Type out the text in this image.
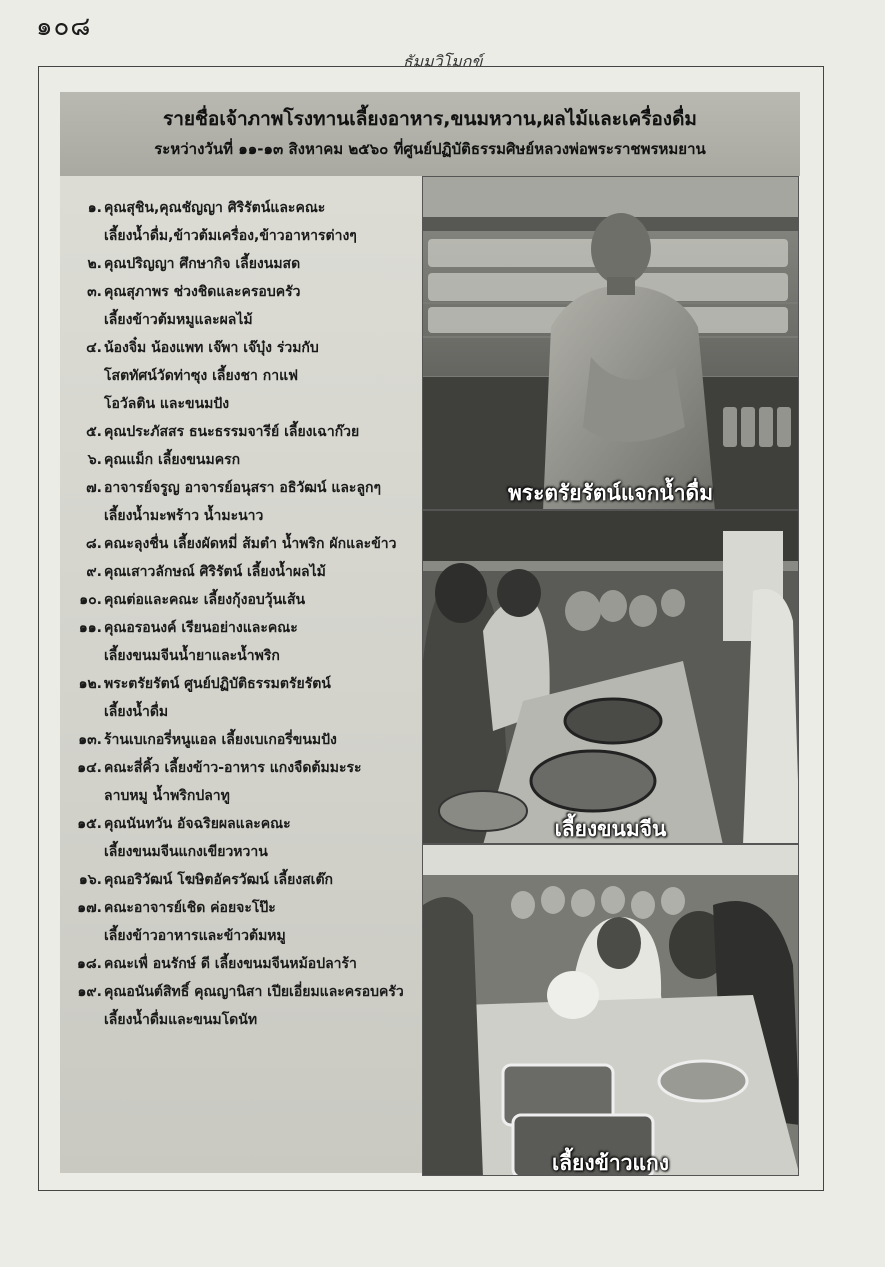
๑๐๘
ธัมมวิโมกข์
รายชื่อเจ้าภาพโรงทานเลี้ยงอาหาร,ขนมหวาน,ผลไม้และเครื่องดื่ม
ระหว่างวันที่ ๑๑-๑๓ สิงหาคม ๒๕๖๐ ที่ศูนย์ปฏิบัติธรรมศิษย์หลวงพ่อพระราชพรหมยาน
๑. คุณสุชิน,คุณชัญญา ศิริรัตน์และคณะ
เลี้ยงน้ำดื่ม,ข้าวต้มเครื่อง,ข้าวอาหารต่างๆ
๒. คุณปริญญา ศึกษากิจ เลี้ยงนมสด
๓. คุณสุภาพร ช่วงชิดและครอบครัว
เลี้ยงข้าวต้มหมูและผลไม้
๔. น้องจิ๋ม น้องแพท เจ๊พา เจ๊บุ๋ง ร่วมกับ
โสตทัศน์วัดท่าซุง เลี้ยงชา กาแฟ
โอวัลติน และขนมปัง
๕. คุณประภัสสร ธนะธรรมจารีย์ เลี้ยงเฉาก๊วย
๖. คุณแม็ก เลี้ยงขนมครก
๗. อาจารย์จรูญ อาจารย์อนุสรา อธิวัฒน์ และลูกๆ
เลี้ยงน้ำมะพร้าว น้ำมะนาว
๘. คณะลุงชื่น เลี้ยงผัดหมี่ ส้มตำ น้ำพริก ผักและข้าว
๙. คุณเสาวลักษณ์ ศิริรัตน์ เลี้ยงน้ำผลไม้
๑๐. คุณต่อและคณะ เลี้ยงกุ้งอบวุ้นเส้น
๑๑. คุณอรอนงค์ เรียนอย่างและคณะ
เลี้ยงขนมจีนน้ำยาและน้ำพริก
๑๒. พระตรัยรัตน์ ศูนย์ปฏิบัติธรรมตรัยรัตน์
เลี้ยงน้ำดื่ม
๑๓. ร้านเบเกอรี่หนูแอล เลี้ยงเบเกอรี่ขนมปัง
๑๔. คณะสี่คิ้ว เลี้ยงข้าว-อาหาร แกงจืดต้มมะระ
ลาบหมู น้ำพริกปลาทู
๑๕. คุณนันทวัน อัจฉริยผลและคณะ
เลี้ยงขนมจีนแกงเขียวหวาน
๑๖. คุณอริวัฒน์ โฆษิตอัครวัฒน์ เลี้ยงสเต๊ก
๑๗. คณะอาจารย์เชิด ค่อยจะโป๊ะ
เลี้ยงข้าวอาหารและข้าวต้มหมู
๑๘. คณะเพื่ อนรักษ์ ดี เลี้ยงขนมจีนหม้อปลาร้า
๑๙. คุณอนันต์สิทธิ์ คุณญานิสา เปียเอี่ยมและครอบครัว
เลี้ยงน้ำดื่มและขนมโดนัท
พระตรัยรัตน์แจกน้ำดื่ม
เลี้ยงขนมจีน
เลี้ยงข้าวแกง
